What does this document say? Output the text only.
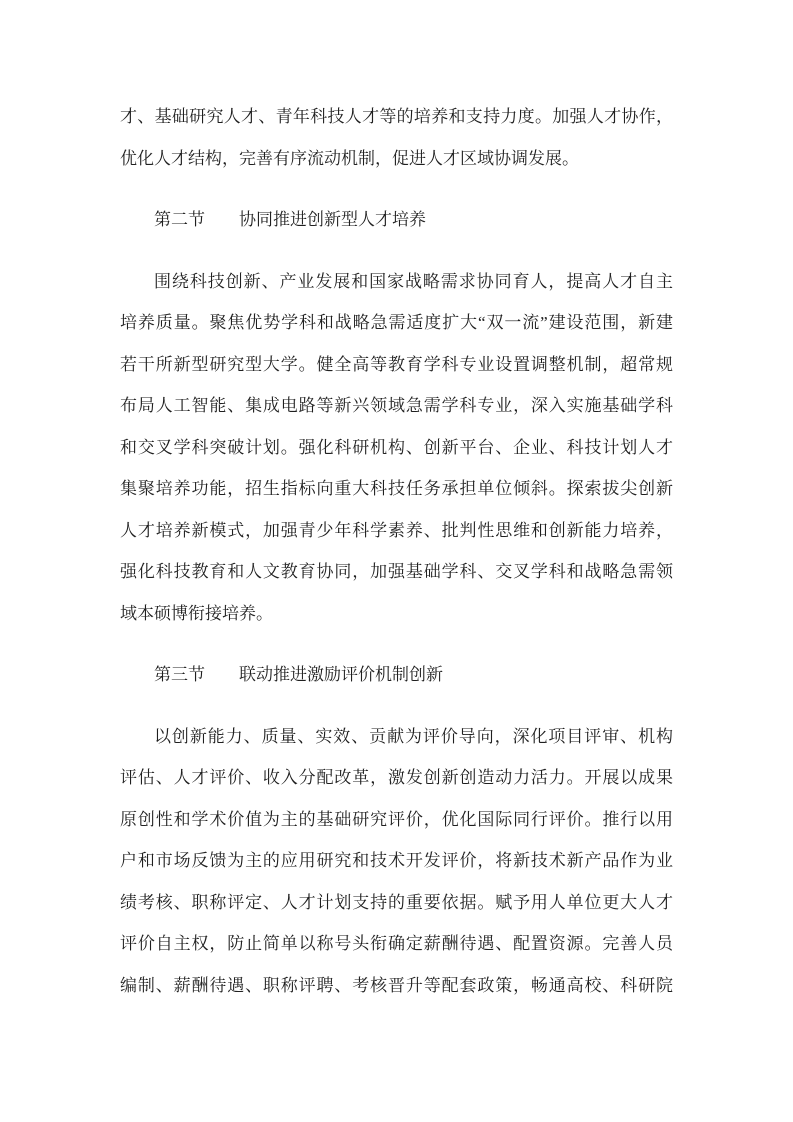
才、基础研究人才、青年科技人才等的培养和支持力度。加强人才协作，
优化人才结构，完善有序流动机制，促进人才区域协调发展。
第二节　　协同推进创新型人才培养
围绕科技创新、产业发展和国家战略需求协同育人，提高人才自主
培养质量。聚焦优势学科和战略急需适度扩大“双一流”建设范围，新建
若干所新型研究型大学。健全高等教育学科专业设置调整机制，超常规
布局人工智能、集成电路等新兴领域急需学科专业，深入实施基础学科
和交叉学科突破计划。强化科研机构、创新平台、企业、科技计划人才
集聚培养功能，招生指标向重大科技任务承担单位倾斜。探索拔尖创新
人才培养新模式，加强青少年科学素养、批判性思维和创新能力培养，
强化科技教育和人文教育协同，加强基础学科、交叉学科和战略急需领
域本硕博衔接培养。
第三节　　联动推进激励评价机制创新
以创新能力、质量、实效、贡献为评价导向，深化项目评审、机构
评估、人才评价、收入分配改革，激发创新创造动力活力。开展以成果
原创性和学术价值为主的基础研究评价，优化国际同行评价。推行以用
户和市场反馈为主的应用研究和技术开发评价，将新技术新产品作为业
绩考核、职称评定、人才计划支持的重要依据。赋予用人单位更大人才
评价自主权，防止简单以称号头衔确定薪酬待遇、配置资源。完善人员
编制、薪酬待遇、职称评聘、考核晋升等配套政策，畅通高校、科研院
